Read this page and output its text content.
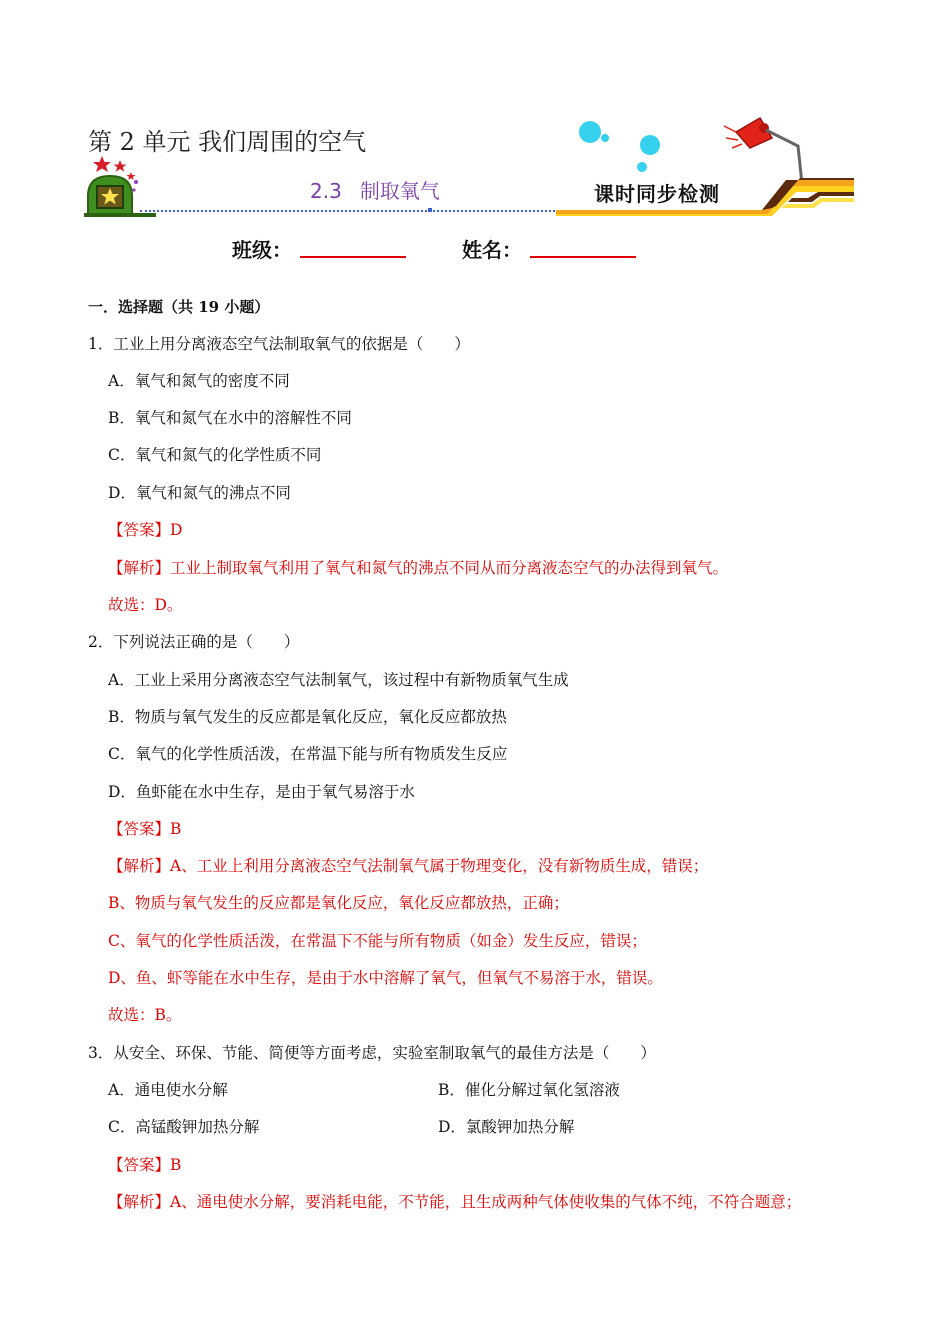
第 2 单元 我们周围的空气
2.3 制取氧气	课时同步检测
班级：	姓名：
一．选择题（共 19 小题）
1．工业上用分离液态空气法制取氧气的依据是（　　）
A．氧气和氮气的密度不同
B．氧气和氮气在水中的溶解性不同
C．氧气和氮气的化学性质不同
D．氧气和氮气的沸点不同
【答案】D
【解析】工业上制取氧气利用了氧气和氮气的沸点不同从而分离液态空气的办法得到氧气。
故选：D。
2．下列说法正确的是（　　）
A．工业上采用分离液态空气法制氧气，该过程中有新物质氧气生成
B．物质与氧气发生的反应都是氧化反应，氧化反应都放热
C．氧气的化学性质活泼，在常温下能与所有物质发生反应
D．鱼虾能在水中生存，是由于氧气易溶于水
【答案】B
【解析】A、工业上利用分离液态空气法制氧气属于物理变化，没有新物质生成，错误；
B、物质与氧气发生的反应都是氧化反应，氧化反应都放热，正确；
C、氧气的化学性质活泼，在常温下不能与所有物质（如金）发生反应，错误；
D、鱼、虾等能在水中生存，是由于水中溶解了氧气，但氧气不易溶于水，错误。
故选：B。
3．从安全、环保、节能、简便等方面考虑，实验室制取氧气的最佳方法是（　　）
A．通电使水分解	B．催化分解过氧化氢溶液
C．高锰酸钾加热分解	D．氯酸钾加热分解
【答案】B
【解析】A、通电使水分解，要消耗电能，不节能，且生成两种气体使收集的气体不纯，不符合题意；
